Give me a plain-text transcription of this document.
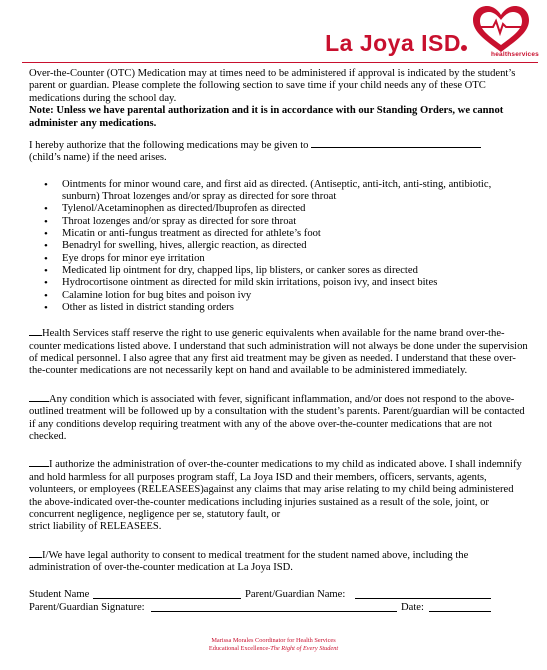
La Joya ISD	healthservices

Over-the-Counter (OTC) Medication may at times need to be administered if approval is indicated by the student’s parent or guardian. Please complete the following section to save time if your child needs any of these OTC medications during the school day.

Note: Unless we have parental authorization and it is in accordance with our Standing Orders, we cannot administer any medications.

I hereby authorize that the following medications may be given to
(child’s name) if the need arises.

• Ointments for minor wound care, and first aid as directed. (Antiseptic, anti-itch, anti-sting, antibiotic, sunburn) Throat lozenges and/or spray as directed for sore throat
• Tylenol/Acetaminophen as directed/Ibuprofen as directed
• Throat lozenges and/or spray as directed for sore throat
• Micatin or anti-fungus treatment as directed for athlete’s foot
• Benadryl for swelling, hives, allergic reaction, as directed
• Eye drops for minor eye irritation
• Medicated lip ointment for dry, chapped lips, lip blisters, or canker sores as directed
• Hydrocortisone ointment as directed for mild skin irritations, poison ivy, and insect bites
• Calamine lotion for bug bites and poison ivy
• Other as listed in district standing orders

Health Services staff reserve the right to use generic equivalents when available for the name brand over-the-counter medications listed above. I understand that such administration will not always be done under the supervision of medical personnel. I also agree that any first aid treatment may be given as needed. I understand that these over-the-counter medications are not necessarily kept on hand and available to be administered immediately.

Any condition which is associated with fever, significant inflammation, and/or does not respond to the above-outlined treatment will be followed up by a consultation with the student’s parents. Parent/guardian will be contacted if any conditions develop requiring treatment with any of the above over-the-counter medications that are not checked.

I authorize the administration of over-the-counter medications to my child as indicated above. I shall indemnify and hold harmless for all purposes program staff, La Joya ISD and their members, officers, servants, agents, volunteers, or employees (RELEASEES)against any claims that may arise relating to my child being administered the above-indicated over-the-counter medications including injuries sustained as a result of the sole, joint, or concurrent negligence, negligence per se, statutory fault, or
strict liability of RELEASEES.

I/We have legal authority to consent to medical treatment for the student named above, including the administration of over-the-counter medication at La Joya ISD.

Student Name	Parent/Guardian Name:
Parent/Guardian Signature:	Date:
Marissa Morales Coordinator for Health Services
Educational Excellence-The Right of Every Student
